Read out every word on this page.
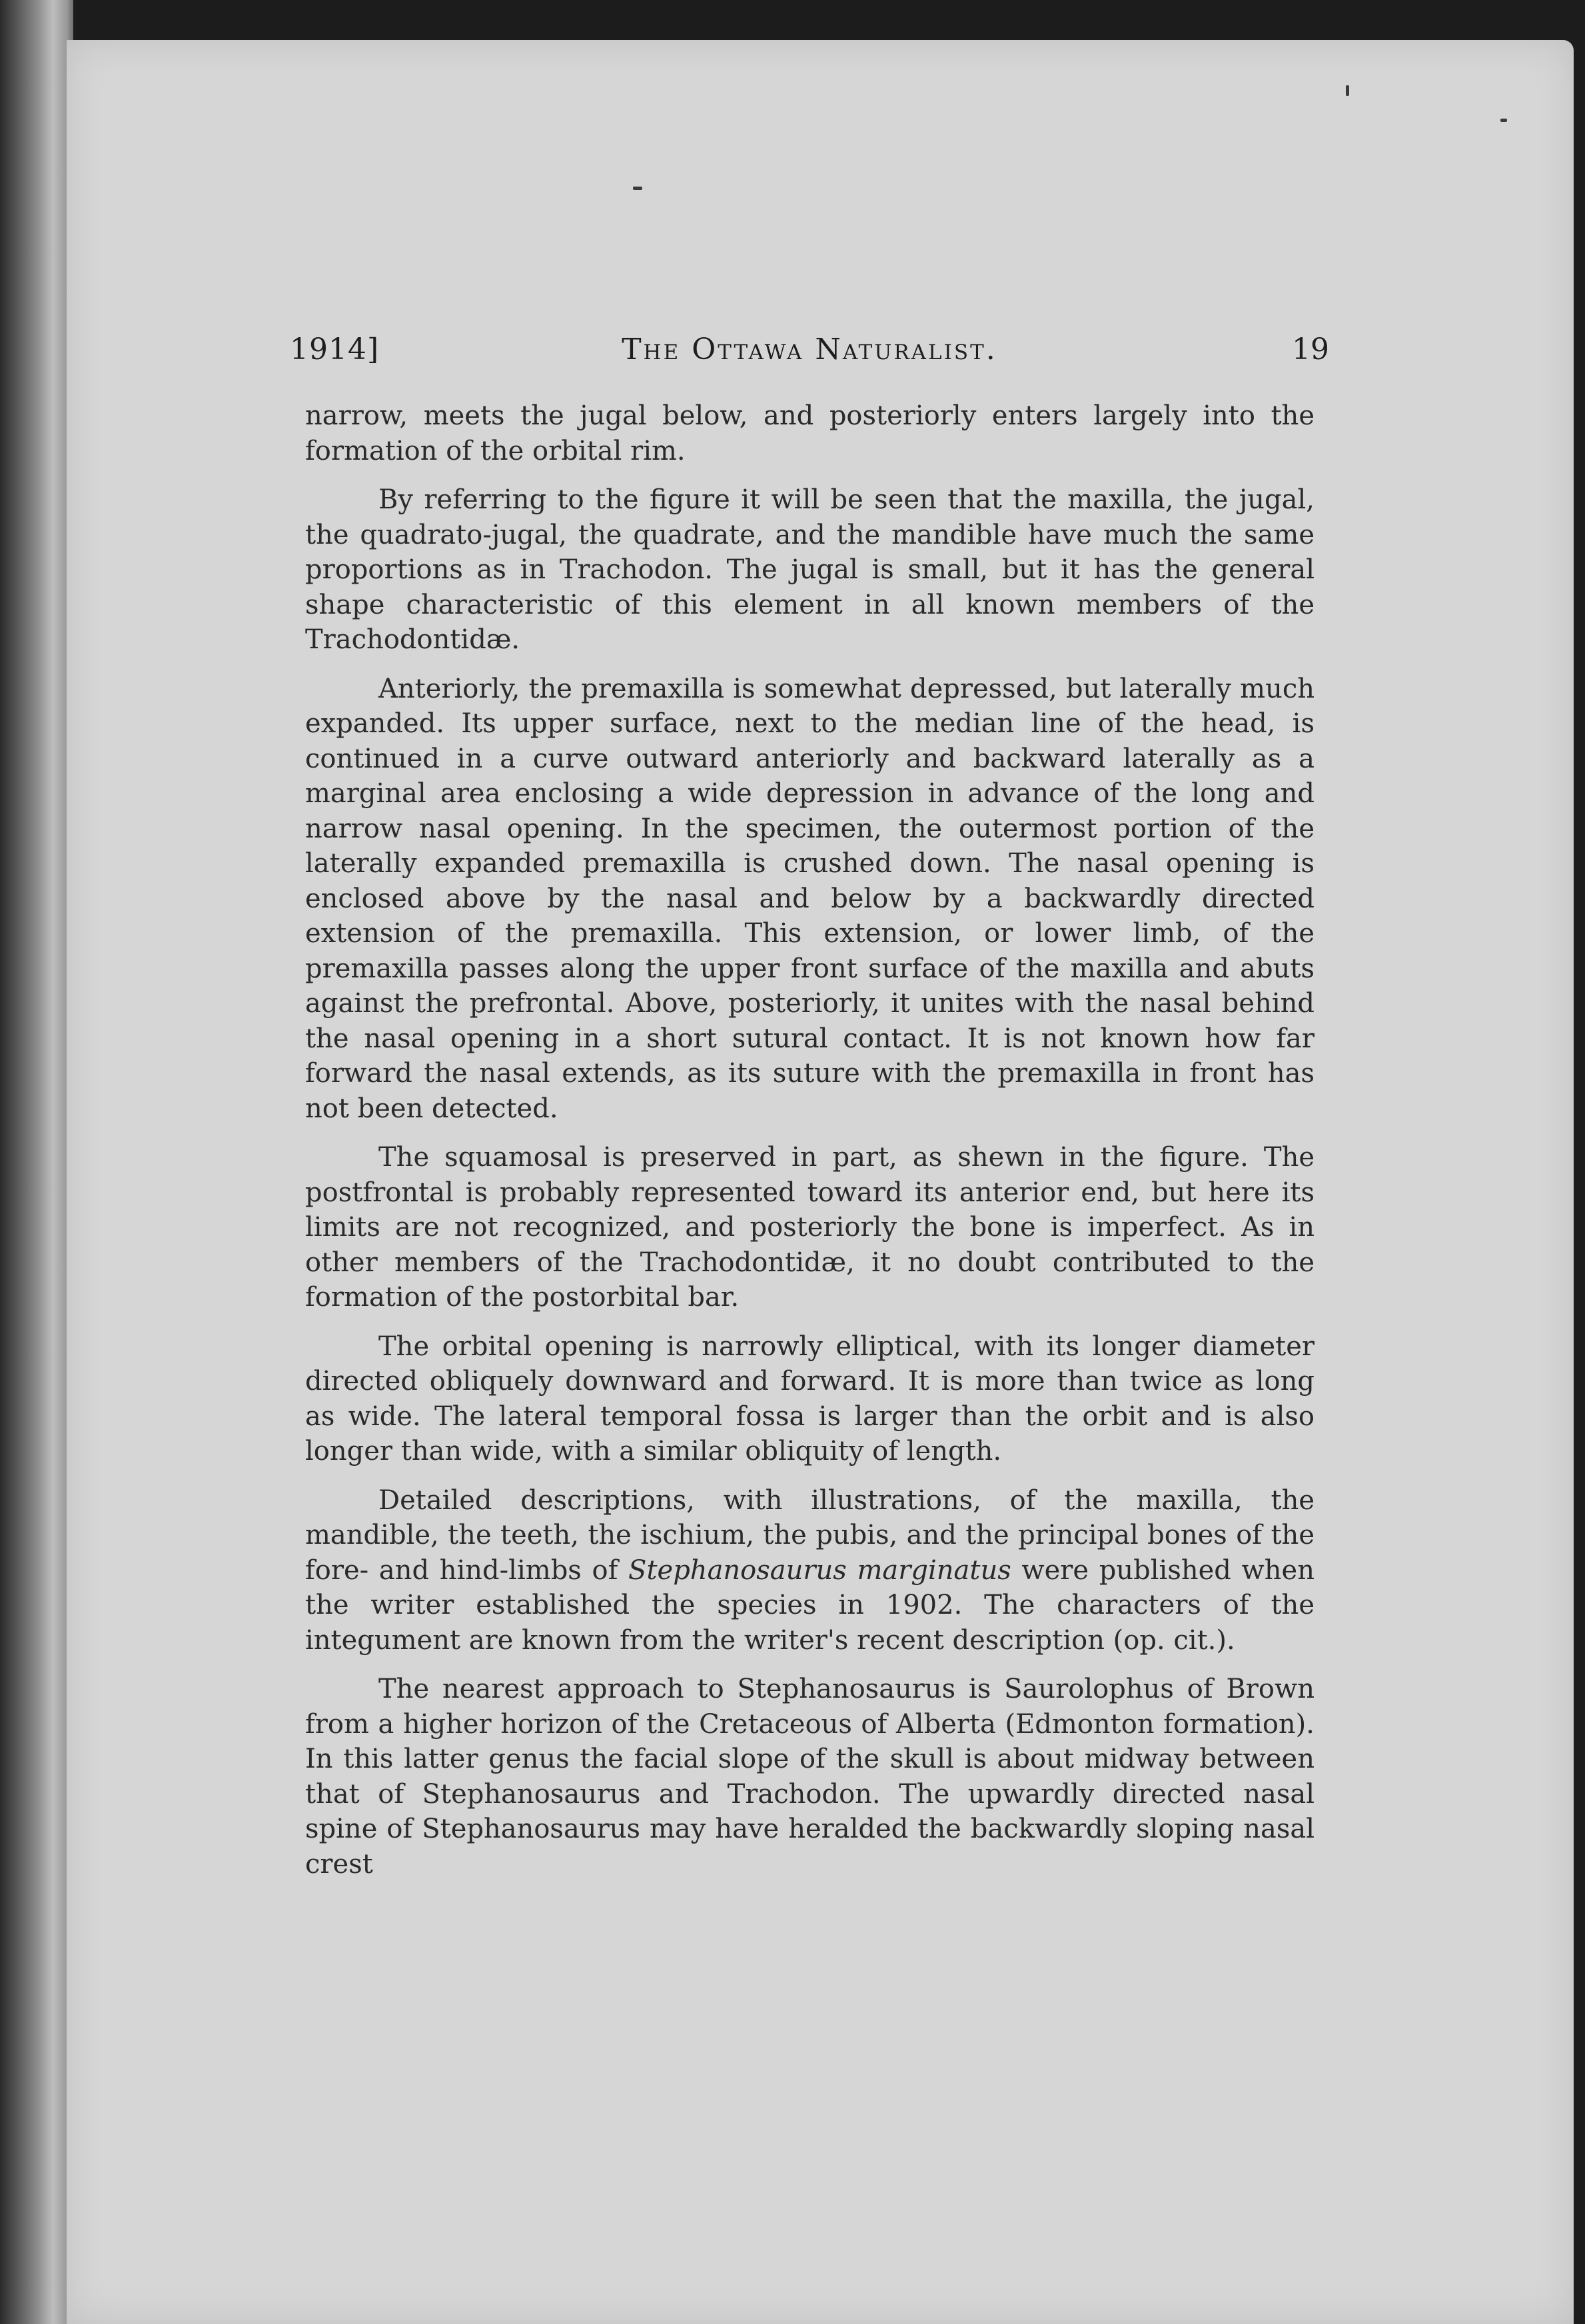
1914]	The Ottawa Naturalist.	19

narrow, meets the jugal below, and posteriorly enters largely into the formation of the orbital rim.

By referring to the figure it will be seen that the maxilla, the jugal, the quadrato-jugal, the quadrate, and the mandible have much the same proportions as in Trachodon. The jugal is small, but it has the general shape characteristic of this element in all known members of the Trachodontidæ.

Anteriorly, the premaxilla is somewhat depressed, but laterally much expanded. Its upper surface, next to the median line of the head, is continued in a curve outward anteriorly and backward laterally as a marginal area enclosing a wide depression in advance of the long and narrow nasal opening. In the specimen, the outermost portion of the laterally expanded premaxilla is crushed down. The nasal opening is enclosed above by the nasal and below by a backwardly directed extension of the premaxilla. This extension, or lower limb, of the premaxilla passes along the upper front surface of the maxilla and abuts against the prefrontal. Above, posteriorly, it unites with the nasal behind the nasal opening in a short sutural contact. It is not known how far forward the nasal extends, as its suture with the premaxilla in front has not been detected.

The squamosal is preserved in part, as shewn in the figure. The postfrontal is probably represented toward its anterior end, but here its limits are not recognized, and posteriorly the bone is imperfect. As in other members of the Trachodontidæ, it no doubt contributed to the formation of the postorbital bar.

The orbital opening is narrowly elliptical, with its longer diameter directed obliquely downward and forward. It is more than twice as long as wide. The lateral temporal fossa is larger than the orbit and is also longer than wide, with a similar obliquity of length.

Detailed descriptions, with illustrations, of the maxilla, the mandible, the teeth, the ischium, the pubis, and the principal bones of the fore- and hind-limbs of Stephanosaurus marginatus were published when the writer established the species in 1902. The characters of the integument are known from the writer's recent description (op. cit.).

The nearest approach to Stephanosaurus is Saurolophus of Brown from a higher horizon of the Cretaceous of Alberta (Edmonton formation). In this latter genus the facial slope of the skull is about midway between that of Stephanosaurus and Trachodon. The upwardly directed nasal spine of Stephanosaurus may have heralded the backwardly sloping nasal crest
